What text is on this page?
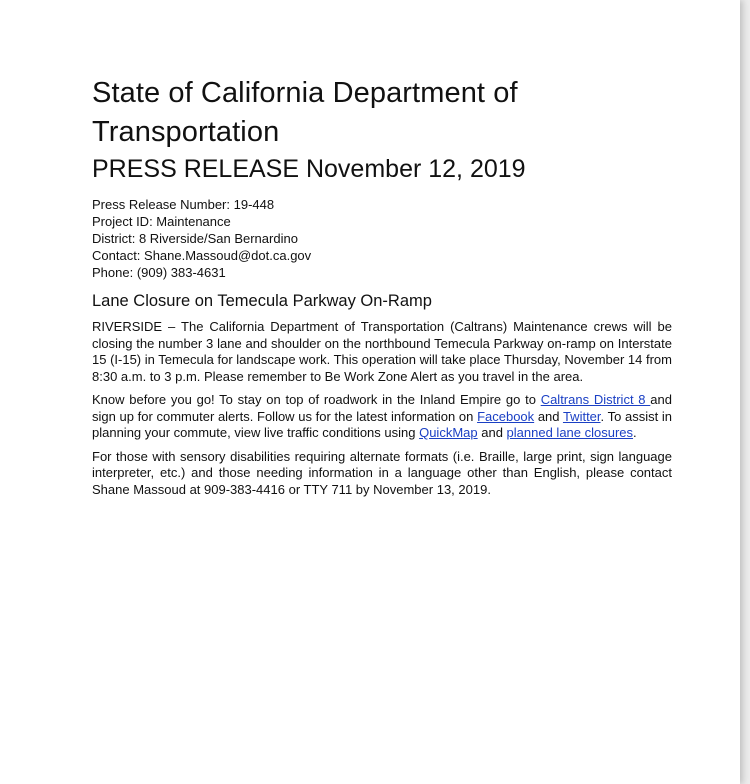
State of California Department of Transportation
PRESS RELEASE November 12, 2019
Press Release Number: 19-448
Project ID: Maintenance
District: 8 Riverside/San Bernardino
Contact: Shane.Massoud@dot.ca.gov
Phone: (909) 383-4631
Lane Closure on Temecula Parkway On-Ramp

RIVERSIDE – The California Department of Transportation (Caltrans) Maintenance crews will be closing the number 3 lane and shoulder on the northbound Temecula Parkway on-ramp on Interstate 15 (I-15) in Temecula for landscape work. This operation will take place Thursday, November 14 from 8:30 a.m. to 3 p.m. Please remember to Be Work Zone Alert as you travel in the area.

Know before you go! To stay on top of roadwork in the Inland Empire go to Caltrans District 8 and sign up for commuter alerts. Follow us for the latest information on Facebook and Twitter. To assist in planning your commute, view live traffic conditions using QuickMap and planned lane closures.

For those with sensory disabilities requiring alternate formats (i.e. Braille, large print, sign language interpreter, etc.) and those needing information in a language other than English, please contact Shane Massoud at 909-383-4416 or TTY 711 by November 13, 2019.
